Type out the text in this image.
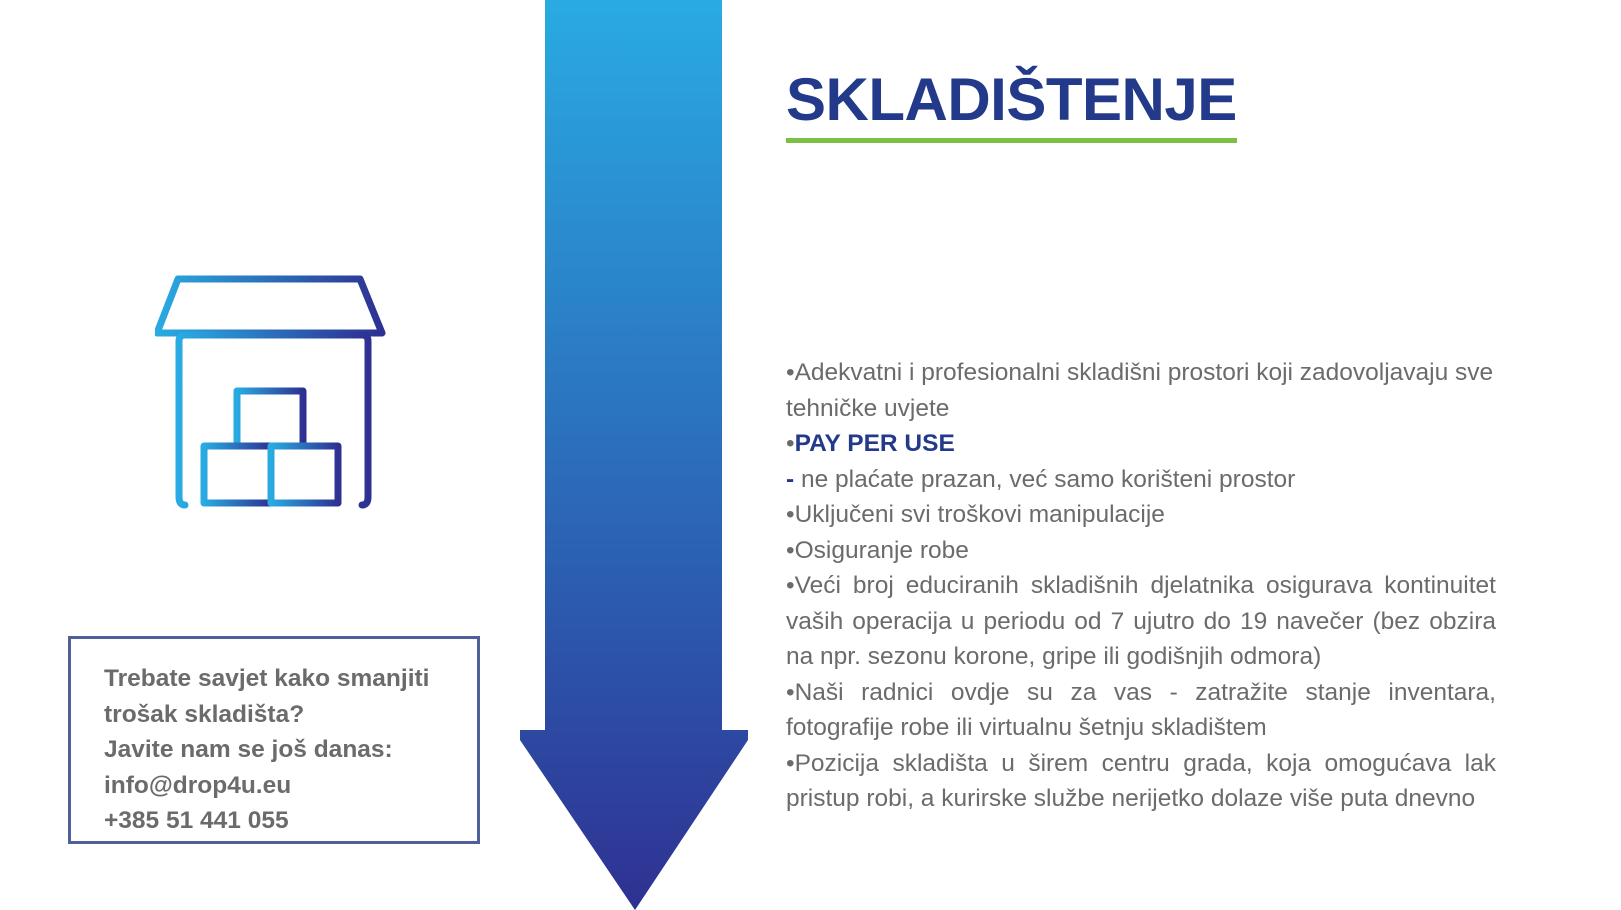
SKLADIŠTENJE

•Adekvatni i profesionalni skladišni prostori koji zadovoljavaju sve tehničke uvjete

•PAY PER USE

- ne plaćate prazan, već samo korišteni prostor

•Uključeni svi troškovi manipulacije

•Osiguranje robe

•Veći broj educiranih skladišnih djelatnika osigurava kontinuitet vaših operacija u periodu od 7 ujutro do 19 navečer (bez obzira na npr. sezonu korone, gripe ili godišnjih odmora)

•Naši radnici ovdje su za vas - zatražite stanje inventara, fotografije robe ili virtualnu šetnju skladištem

•Pozicija skladišta u širem centru grada, koja omogućava lak pristup robi, a kurirske službe nerijetko dolaze više puta dnevno

Trebate savjet kako smanjiti
trošak skladišta?
Javite nam se još danas:
info@drop4u.eu
+385 51 441 055
